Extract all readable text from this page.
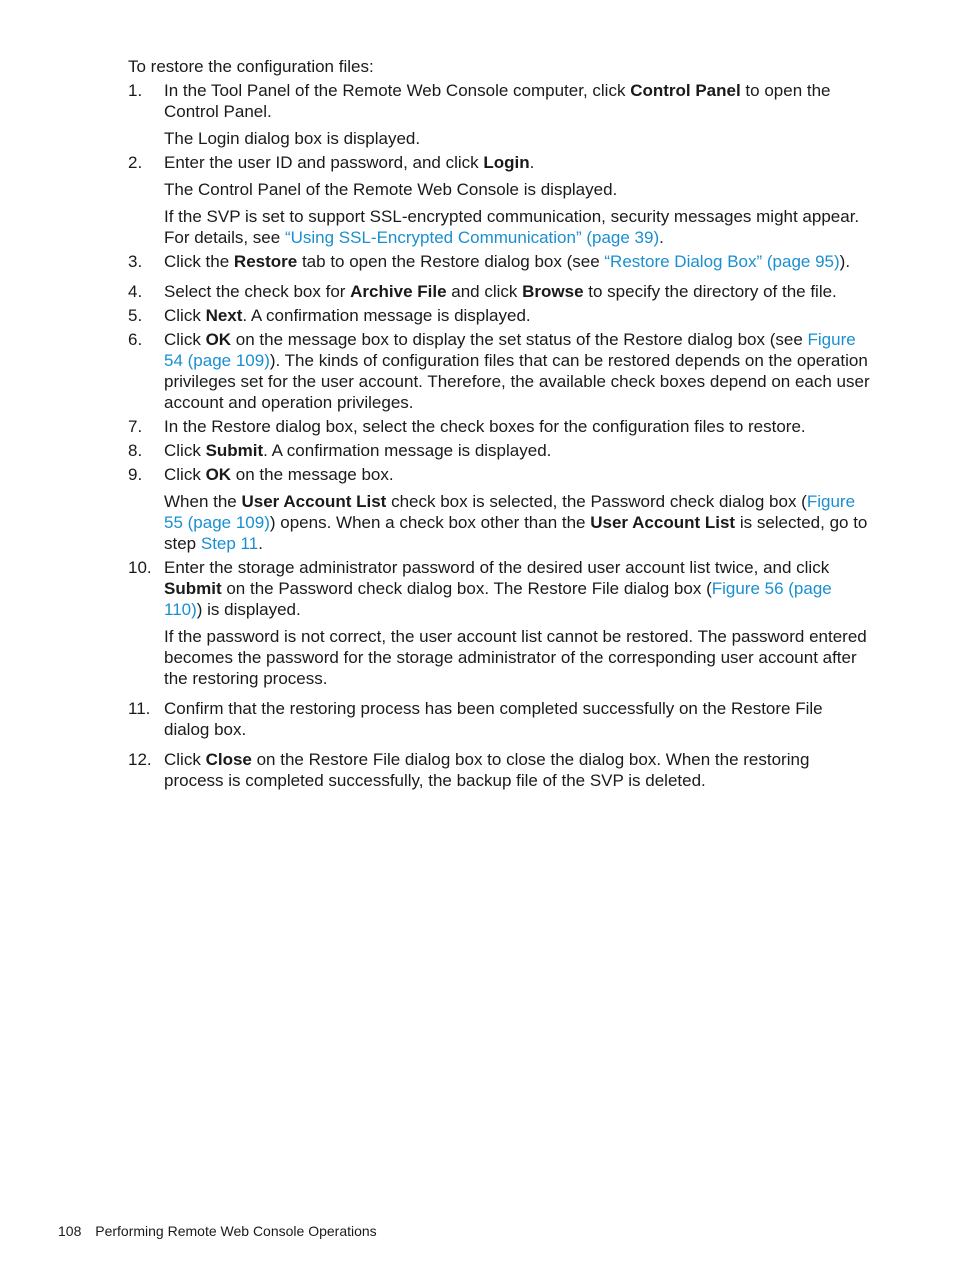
To restore the configuration files:
1. In the Tool Panel of the Remote Web Console computer, click Control Panel to open the Control Panel.
The Login dialog box is displayed.
2. Enter the user ID and password, and click Login.
The Control Panel of the Remote Web Console is displayed.
If the SVP is set to support SSL-encrypted communication, security messages might appear. For details, see “Using SSL-Encrypted Communication” (page 39).
3. Click the Restore tab to open the Restore dialog box (see “Restore Dialog Box” (page 95)).
4. Select the check box for Archive File and click Browse to specify the directory of the file.
5. Click Next. A confirmation message is displayed.
6. Click OK on the message box to display the set status of the Restore dialog box (see Figure 54 (page 109)). The kinds of configuration files that can be restored depends on the operation privileges set for the user account. Therefore, the available check boxes depend on each user account and operation privileges.
7. In the Restore dialog box, select the check boxes for the configuration files to restore.
8. Click Submit. A confirmation message is displayed.
9. Click OK on the message box.
When the User Account List check box is selected, the Password check dialog box (Figure 55 (page 109)) opens. When a check box other than the User Account List is selected, go to step Step 11.
10. Enter the storage administrator password of the desired user account list twice, and click Submit on the Password check dialog box. The Restore File dialog box (Figure 56 (page 110)) is displayed.
If the password is not correct, the user account list cannot be restored. The password entered becomes the password for the storage administrator of the corresponding user account after the restoring process.
11. Confirm that the restoring process has been completed successfully on the Restore File dialog box.
12. Click Close on the Restore File dialog box to close the dialog box. When the restoring process is completed successfully, the backup file of the SVP is deleted.
108 Performing Remote Web Console Operations
